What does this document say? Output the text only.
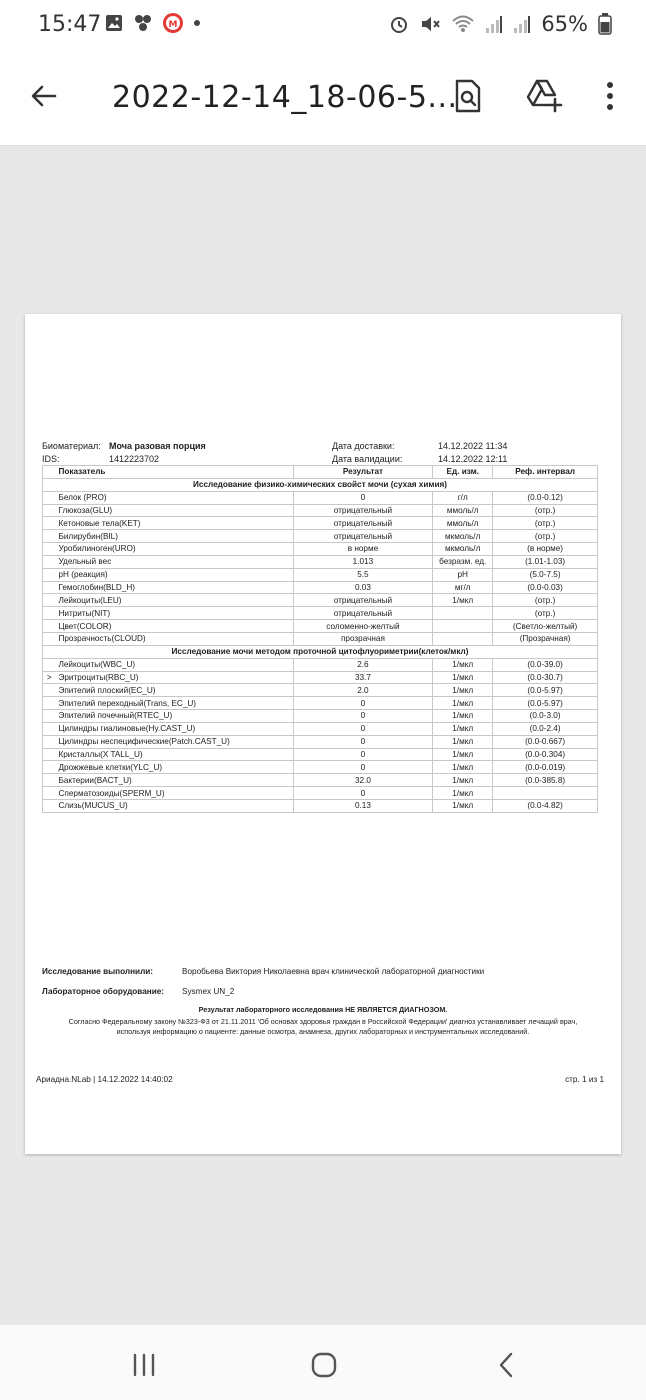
15:47	M	65%
2022-12-14_18-06-5...
Биоматериал: Моча разовая порция	Дата доставки:	14.12.2022 11:34
IDS:	1412223702	Дата валидации:	14.12.2022 12:11
	Показатель	Результат	Ед. изм.	Реф. интервал
Исследование физико-химических свойст мочи (сухая химия)				
	Белок (PRO)	0	г/л	(0.0-0.12)
	Глюкоза(GLU)	отрицательный	ммоль/л	(отр.)
	Кетоновые тела(KET)	отрицательный	ммоль/л	(отр.)
	Билирубин(BIL)	отрицательный	мкмоль/л	(отр.)
	Уробилиноген(URO)	в норме	мкмоль/л	(в норме)
	Удельный вес	1.013	безразм. ед.	(1.01-1.03)
	pH (реакция)	5.5	pH	(5.0-7.5)
	Гемоглобин(BLD_H)	0.03	мг/л	(0.0-0.03)
	Лейкоциты(LEU)	отрицательный	1/мкл	(отр.)
	Нитриты(NIT)	отрицательный		(отр.)
	Цвет(COLOR)	соломенно-желтый		(Светло-желтый)
	Прозрачность(CLOUD)	прозрачная		(Прозрачная)
Исследование мочи методом проточной цитофлуориметрии(клеток/мкл)				
	Лейкоциты(WBC_U)	2.6	1/мкл	(0.0-39.0)
>	Эритроциты(RBC_U)	33.7	1/мкл	(0.0-30.7)
	Эпителий плоский(EC_U)	2.0	1/мкл	(0.0-5.97)
	Эпителий переходный(Trans, EC_U)	0	1/мкл	(0.0-5.97)
	Эпителий почечный(RTEC_U)	0	1/мкл	(0.0-3.0)
	Цилиндры гиалиновые(Hy.CAST_U)	0	1/мкл	(0.0-2.4)
	Цилиндры неспецифические(Patch.CAST_U)	0	1/мкл	(0.0-0.667)
	Кристаллы(X TALL_U)	0	1/мкл	(0.0-0.304)
	Дрожжевые клетки(YLC_U)	0	1/мкл	(0.0-0.019)
	Бактерии(BACT_U)	32.0	1/мкл	(0.0-385.8)
	Сперматозоиды(SPERM_U)	0	1/мкл	
	Слизь(MUCUS_U)	0.13	1/мкл	(0.0-4.82)
Исследование выполнили:	Воробьева Виктория Николаевна врач клинической лабораторной диагностики
Лабораторное оборудование: Sysmex UN_2
Результат лабораторного исследования НЕ ЯВЛЯЕТСЯ ДИАГНОЗОМ.
Согласно Федеральному закону №323-Ф3 от 21.11.2011 'Об основах здоровья граждан в Российской Федерации' диагноз устанавливает лечащий врач,
используя информацию о пациенте: данные осмотра, анамнеза, других лабораторных и инструментальных исследований.
Ариадна.NLab | 14.12.2022 14:40:02	стр. 1 из 1
